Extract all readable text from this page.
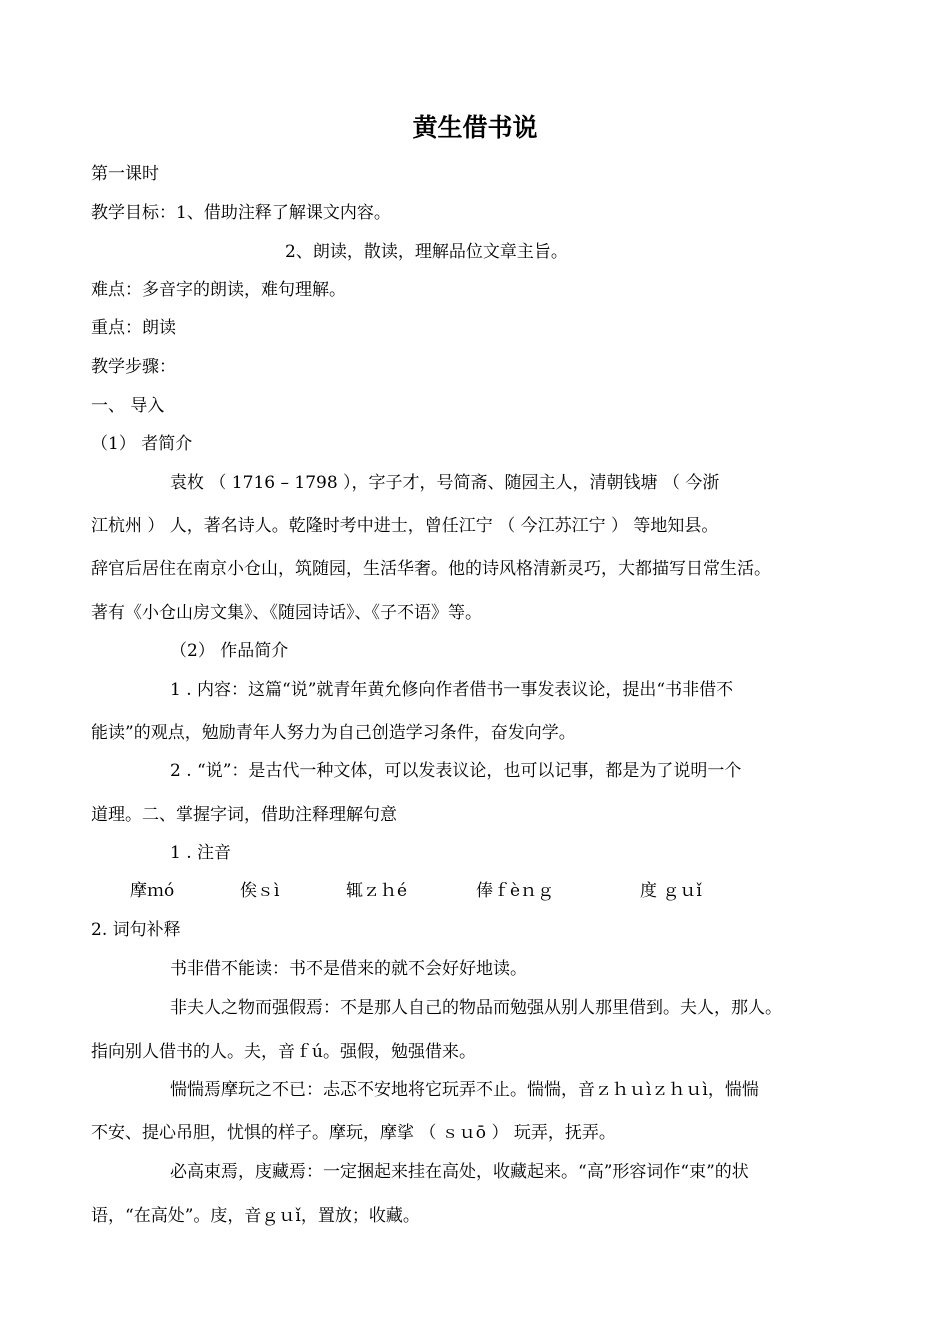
黄生借书说
第一课时
教学目标：1、借助注释了解课文内容。
2、朗读，散读，理解品位文章主旨。
难点：多音字的朗读，难句理解。
重点：朗读
教学步骤：
一、 导入
（1） 者简介
袁枚 （ 1716 – 1798 ），字子才，号简斋、随园主人，清朝钱塘 （ 今浙
江杭州 ） 人，著名诗人。乾隆时考中进士，曾任江宁 （ 今江苏江宁 ） 等地知县。
辞官后居住在南京小仓山，筑随园，生活华奢。他的诗风格清新灵巧，大都描写日常生活。
著有《小仓山房文集》、《随园诗话》、《子不语》等。
（2） 作品简介
1 . 内容：这篇“说”就青年黄允修向作者借书一事发表议论，提出“书非借不
能读”的观点，勉励青年人努力为自己创造学习条件，奋发向学。
2 . “说”：是古代一种文体，可以发表议论，也可以记事，都是为了说明一个
道理。二、掌握字词，借助注释理解句意
1 . 注音
摩ｍó	俟ｓì	辄ｚｈé	俸ｆèｎｇ	度 ｇｕǐ
2. 词句补释
书非借不能读：书不是借来的就不会好好地读。
非夫人之物而强假焉：不是那人自己的物品而勉强从别人那里借到。夫人，那人。
指向别人借书的人。夫，音ｆú。强假，勉强借来。
惴惴焉摩玩之不已：忐忑不安地将它玩弄不止。惴惴，音ｚｈｕìｚｈｕì，惴惴
不安、提心吊胆，忧惧的样子。摩玩，摩挲 （ ｓｕō ） 玩弄，抚弄。
必高束焉，庋藏焉：一定捆起来挂在高处，收藏起来。“高”形容词作“束”的状
语，“在高处”。庋，音ｇｕǐ，置放；收藏。
